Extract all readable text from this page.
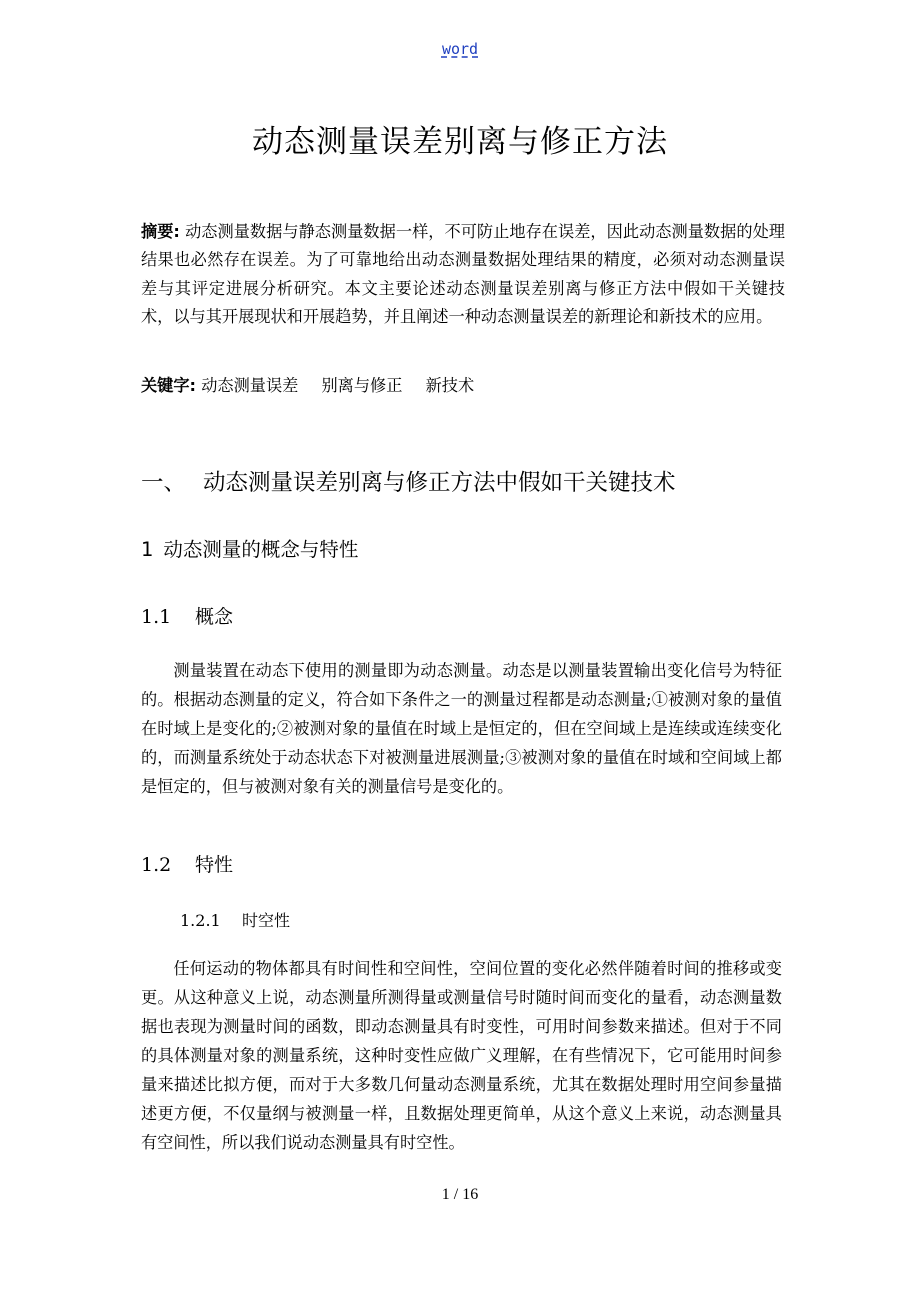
word
动态测量误差别离与修正方法
摘要: 动态测量数据与静态测量数据一样，不可防止地存在误差，因此动态测量数据的处理结果也必然存在误差。为了可靠地给出动态测量数据处理结果的精度，必须对动态测量误差与其评定进展分析研究。本文主要论述动态测量误差别离与修正方法中假如干关键技术，以与其开展现状和开展趋势，并且阐述一种动态测量误差的新理论和新技术的应用。
关键字: 动态测量误差 别离与修正 新技术
一、 动态测量误差别离与修正方法中假如干关键技术
1 动态测量的概念与特性
1.1 概念
测量装置在动态下使用的测量即为动态测量。动态是以测量装置输出变化信号为特征的。根据动态测量的定义，符合如下条件之一的测量过程都是动态测量;①被测对象的量值在时域上是变化的;②被测对象的量值在时域上是恒定的，但在空间域上是连续或连续变化的，而测量系统处于动态状态下对被测量进展测量;③被测对象的量值在时域和空间域上都是恒定的，但与被测对象有关的测量信号是变化的。
1.2 特性
1.2.1 时空性
任何运动的物体都具有时间性和空间性，空间位置的变化必然伴随着时间的推移或变更。从这种意义上说，动态测量所测得量或测量信号时随时间而变化的量看，动态测量数据也表现为测量时间的函数，即动态测量具有时变性，可用时间参数来描述。但对于不同的具体测量对象的测量系统，这种时变性应做广义理解，在有些情况下，它可能用时间参量来描述比拟方便，而对于大多数几何量动态测量系统，尤其在数据处理时用空间参量描述更方便，不仅量纲与被测量一样，且数据处理更简单，从这个意义上来说，动态测量具有空间性，所以我们说动态测量具有时空性。
1 / 16
